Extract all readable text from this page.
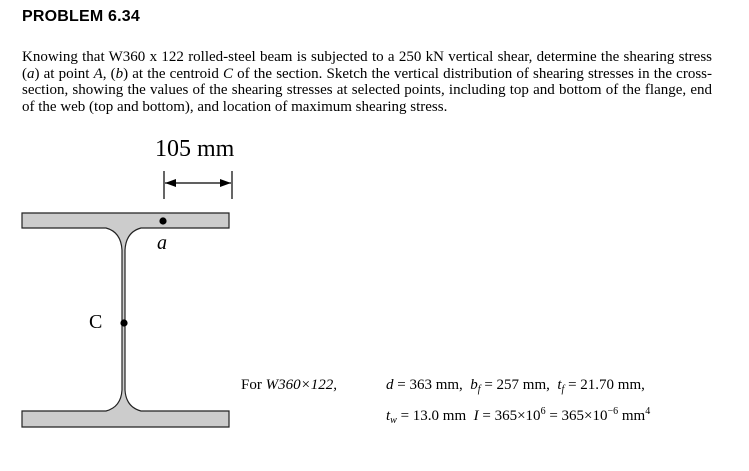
PROBLEM 6.34
Knowing that W360 x 122 rolled-steel beam is subjected to a 250 kN vertical shear, determine the shearing stress (a) at point A, (b) at the centroid C of the section. Sketch the vertical distribution of shearing stresses in the cross-section, showing the values of the shearing stresses at selected points, including top and bottom of the flange, end of the web (top and bottom), and location of maximum shearing stress.
105 mm
a
C
For W360×122,	d = 363 mm, $b_f = 257$ mm, $t_f = 21.70$ mm,
$t_w = 13.0$ mm $I = 365\times 10^6 = 365\times 10^{-6}$ $mm^4$
